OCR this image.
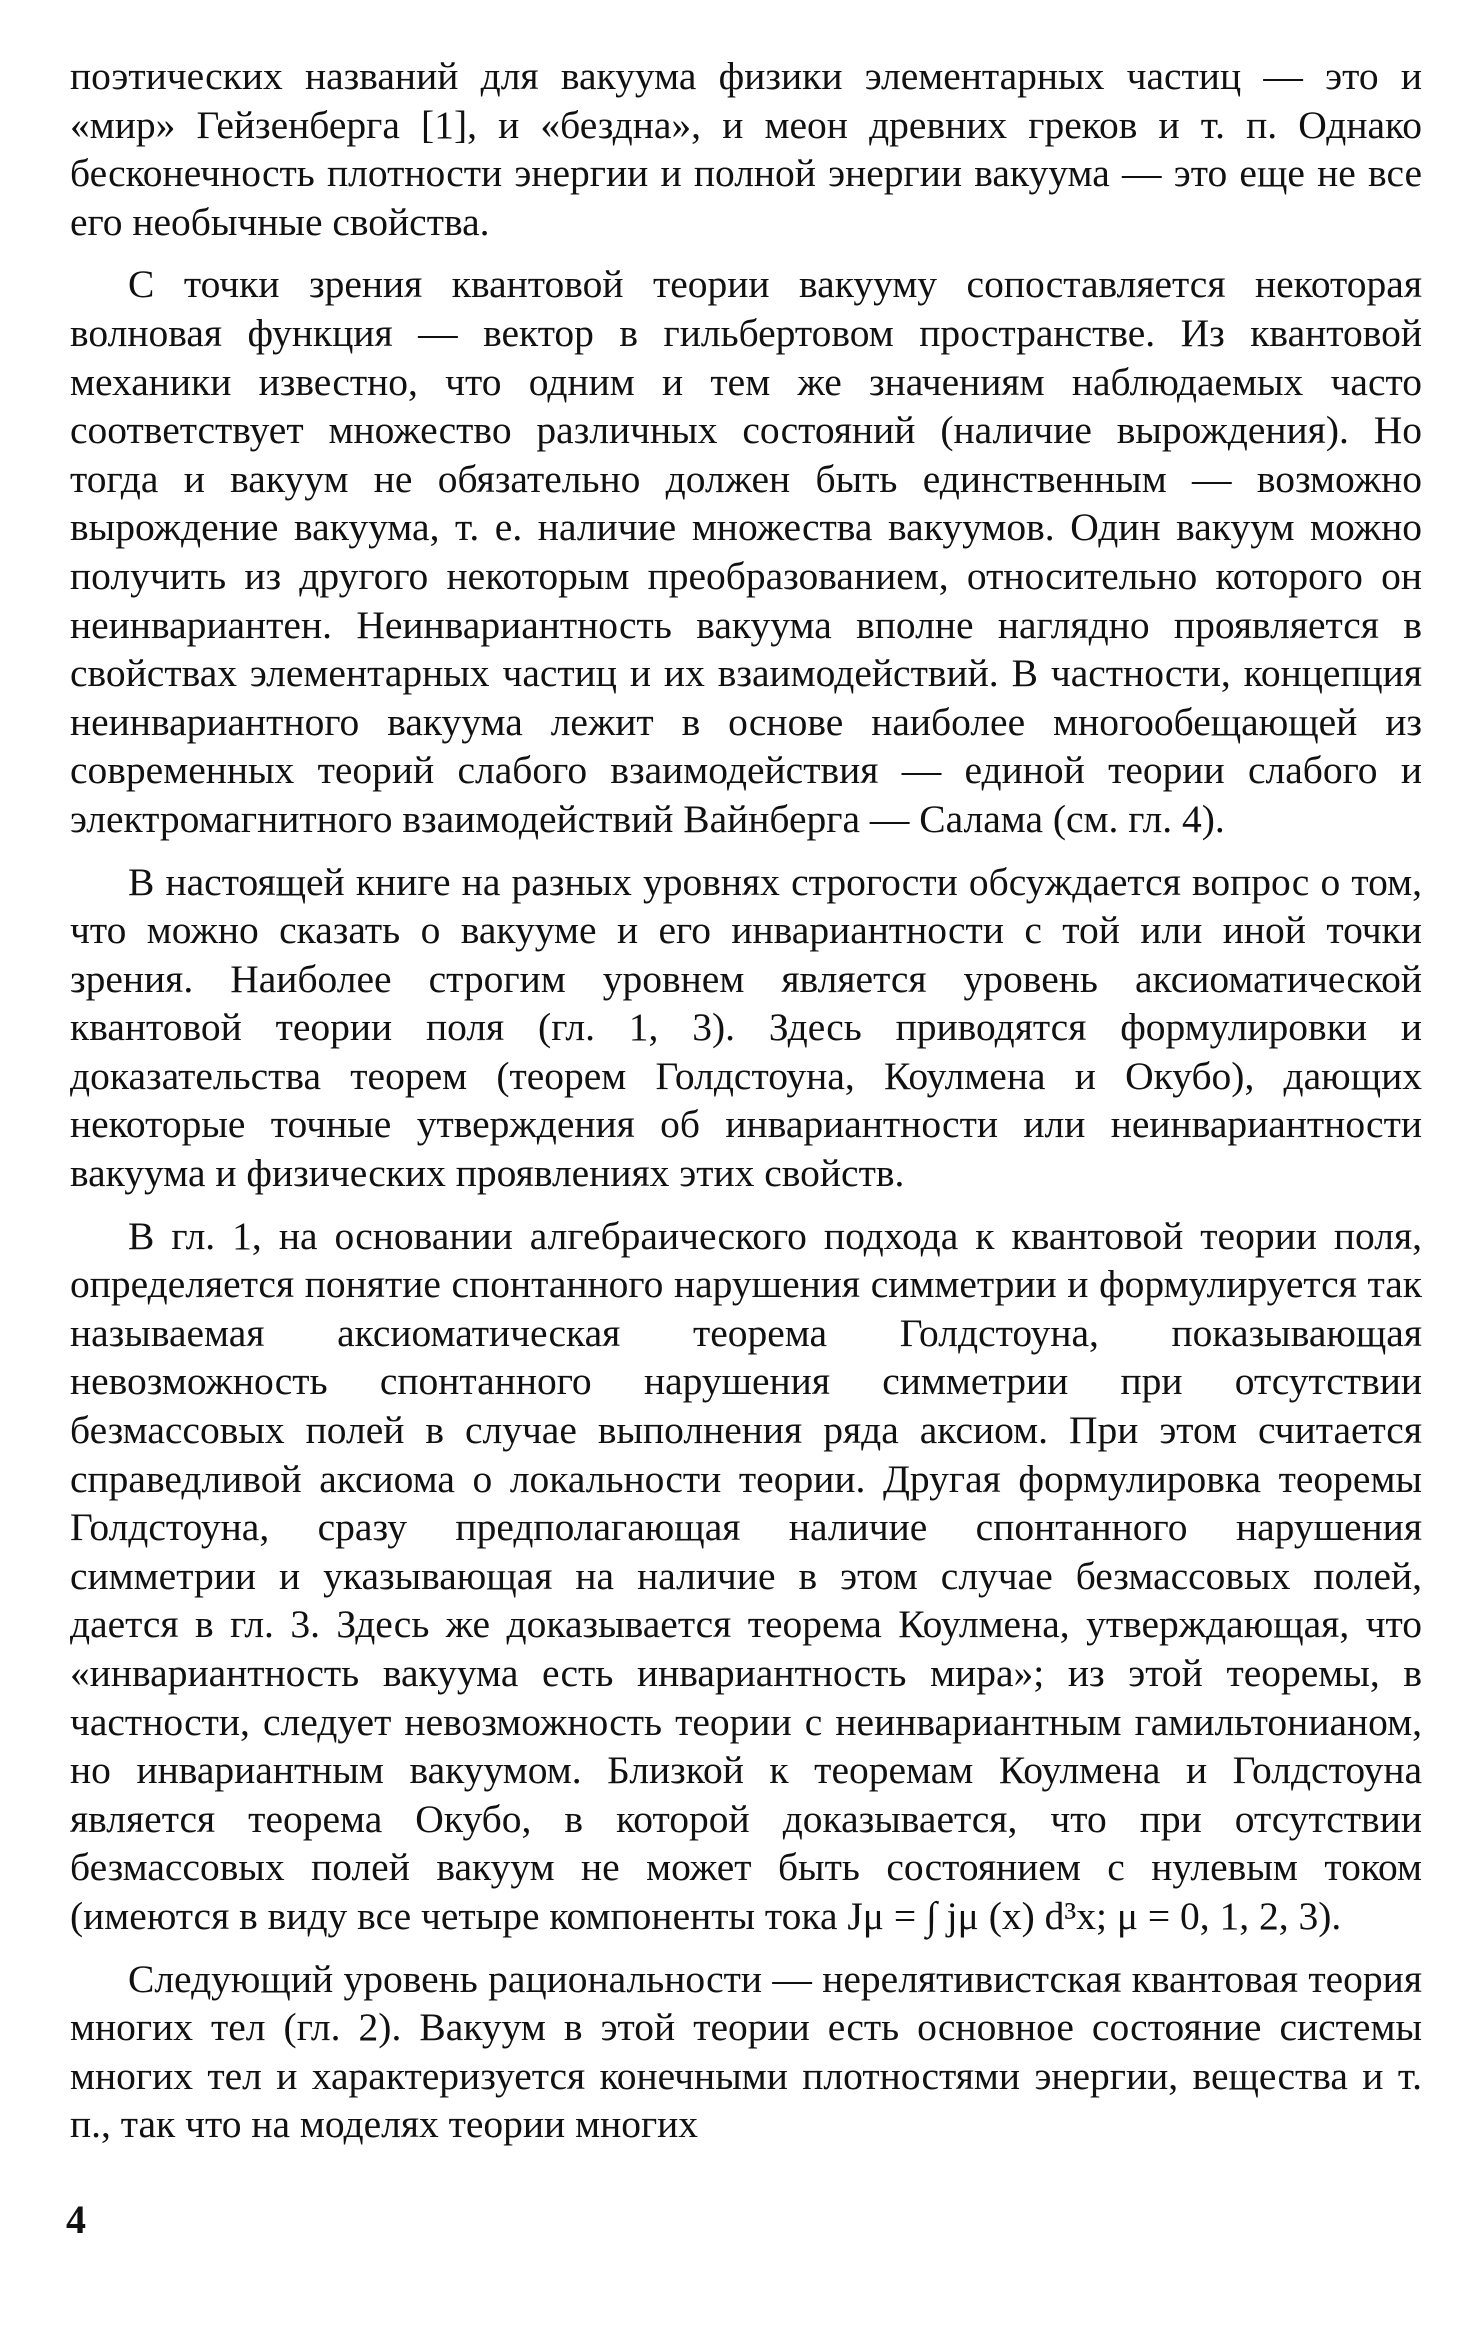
поэтических названий для вакуума физики элементарных частиц — это и «мир» Гейзенберга [1], и «бездна», и меон древних греков и т. п. Однако бесконечность плотности энергии и полной энергии вакуума — это еще не все его необычные свойства.

С точки зрения квантовой теории вакууму сопоставляется некоторая волновая функция — вектор в гильбертовом пространстве. Из квантовой механики известно, что одним и тем же значениям наблюдаемых часто соответствует множество различных состояний (наличие вырождения). Но тогда и вакуум не обязательно должен быть единственным — возможно вырождение вакуума, т. е. наличие множества вакуумов. Один вакуум можно получить из другого некоторым преобразованием, относительно которого он неинвариантен. Неинвариантность вакуума вполне наглядно проявляется в свойствах элементарных частиц и их взаимодействий. В частности, концепция неинвариантного вакуума лежит в основе наиболее многообещающей из современных теорий слабого взаимодействия — единой теории слабого и электромагнитного взаимодействий Вайнберга — Салама (см. гл. 4).

В настоящей книге на разных уровнях строгости обсуждается вопрос о том, что можно сказать о вакууме и его инвариантности с той или иной точки зрения. Наиболее строгим уровнем является уровень аксиоматической квантовой теории поля (гл. 1, 3). Здесь приводятся формулировки и доказательства теорем (теорем Голдстоуна, Коулмена и Окубо), дающих некоторые точные утверждения об инвариантности или неинвариантности вакуума и физических проявлениях этих свойств.

В гл. 1, на основании алгебраического подхода к квантовой теории поля, определяется понятие спонтанного нарушения симметрии и формулируется так называемая аксиоматическая теорема Голдстоуна, показывающая невозможность спонтанного нарушения симметрии при отсутствии безмассовых полей в случае выполнения ряда аксиом. При этом считается справедливой аксиома о локальности теории. Другая формулировка теоремы Голдстоуна, сразу предполагающая наличие спонтанного нарушения симметрии и указывающая на наличие в этом случае безмассовых полей, дается в гл. 3. Здесь же доказывается теорема Коулмена, утверждающая, что «инвариантность вакуума есть инвариантность мира»; из этой теоремы, в частности, следует невозможность теории с неинвариантным гамильтонианом, но инвариантным вакуумом. Близкой к теоремам Коулмена и Голдстоуна является теорема Окубо, в которой доказывается, что при отсутствии безмассовых полей вакуум не может быть состоянием с нулевым током (имеются в виду все четыре компоненты тока Jμ = ∫ jμ (x) d³x; μ = 0, 1, 2, 3).

Следующий уровень рациональности — нерелятивистская квантовая теория многих тел (гл. 2). Вакуум в этой теории есть основное состояние системы многих тел и характеризуется конечными плотностями энергии, вещества и т. п., так что на моделях теории многих

4
